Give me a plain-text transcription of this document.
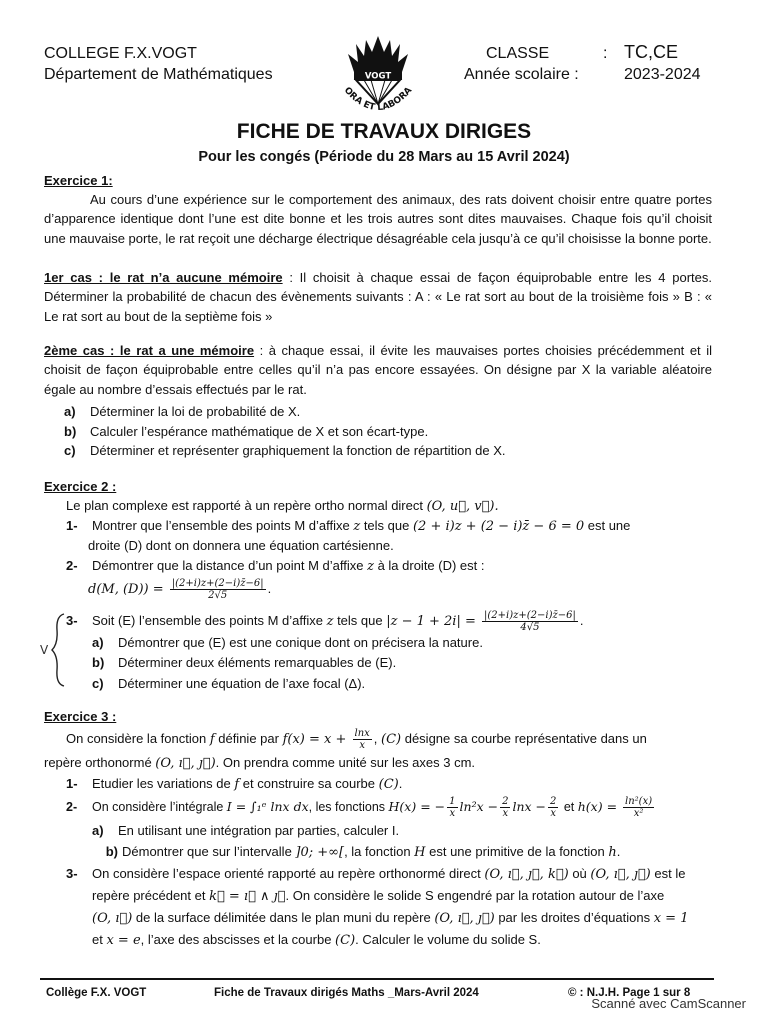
COLLEGE F.X.VOGT
Département de Mathématiques	VOGT
ORA ET LABORA
CLASSE	: TC,CE
Année scolaire :	2023-2024
FICHE DE TRAVAUX DIRIGES
Pour les congés (Période du 28 Mars au 15 Avril 2024)
Exercice 1:
Au cours d’une expérience sur le comportement des animaux, des rats doivent choisir entre quatre portes d’apparence identique dont l’une est dite bonne et les trois autres sont dites mauvaises. Chaque fois qu’il choisit une mauvaise porte, le rat reçoit une décharge électrique désagréable cela jusqu’à ce qu’il choisisse la bonne porte.
1er cas : le rat n’a aucune mémoire : Il choisit à chaque essai de façon équiprobable entre les 4 portes. Déterminer la probabilité de chacun des évènements suivants : A : « Le rat sort au bout de la troisième fois » B : « Le rat sort au bout de la septième fois »
2ème cas : le rat a une mémoire : à chaque essai, il évite les mauvaises portes choisies précédemment et il choisit de façon équiprobable entre celles qu’il n’a pas encore essayées. On désigne par X la variable aléatoire égale au nombre d’essais effectués par le rat.
a) Déterminer la loi de probabilité de X.
b) Calculer l’espérance mathématique de X et son écart-type.
c) Déterminer et représenter graphiquement la fonction de répartition de X.
Exercice 2 :
Le plan complexe est rapporté à un repère ortho normal direct (O, u⃗, v⃗).
1- Montrer que l’ensemble des points M d’affixe z tels que (2 + i)z + (2 − i)z̄ − 6 = 0 est une
droite (D) dont on donnera une équation cartésienne.
2- Démontrer que la distance d’un point M d’affixe z à la droite (D) est :
d(M, $(D)) = \frac{|(2+i)z+(2-i)z̄-6|}{2√5}$ .
V
3- Soit (E) l’ensemble des points M d’affixe z tels que $|z - 1 + 2i| = \frac{|(2+i)z+(2-i)z̄-6|}{4√5}$ .
a) Démontrer que (E) est une conique dont on précisera la nature.
b) Déterminer deux éléments remarquables de (E).
c) Déterminer une équation de l’axe focal (Δ).
Exercice 3 :
On considère la fonction f définie par $f(x) = x + \frac{\ln x}{x}$ , (C) désigne sa courbe représentative dans un
repère orthonormé (O, ı⃗, ȷ⃗). On prendra comme unité sur les axes 3 cm.
1- Etudier les variations de f et construire sa courbe (C).
2- On considère l’intégrale I = ∫₁ᵉ lnx dx, les fonctions H(x) = − $\frac{1}{x} \ln^2x - \frac{2}{x}$ $\ln x - \frac{2}{x}$ et $h(x) = \frac{\text{ln²(x)}}{\text{x²}}$
a) En utilisant une intégration par parties, calculer I.
b) Démontrer que sur l’intervalle ]0; +∞[, la fonction H est une primitive de la fonction h.
3- On considère l’espace orienté rapporté au repère orthonormé direct (O, ı⃗, ȷ⃗, k⃗) où (O, ı⃗, ȷ⃗) est le
repère précédent et k⃗ = ı⃗ ∧ ȷ⃗. On considère le solide S engendré par la rotation autour de l’axe
(O, ı⃗) de la surface délimitée dans le plan muni du repère (O, ı⃗, ȷ⃗) par les droites d’équations x = 1
et x = e, l’axe des abscisses et la courbe (C). Calculer le volume du solide S.
Collège F.X. VOGT	Fiche de Travaux dirigés Maths _Mars-Avril 2024	© : N.J.H. Page 1 sur 8
Scanné avec CamScanner
